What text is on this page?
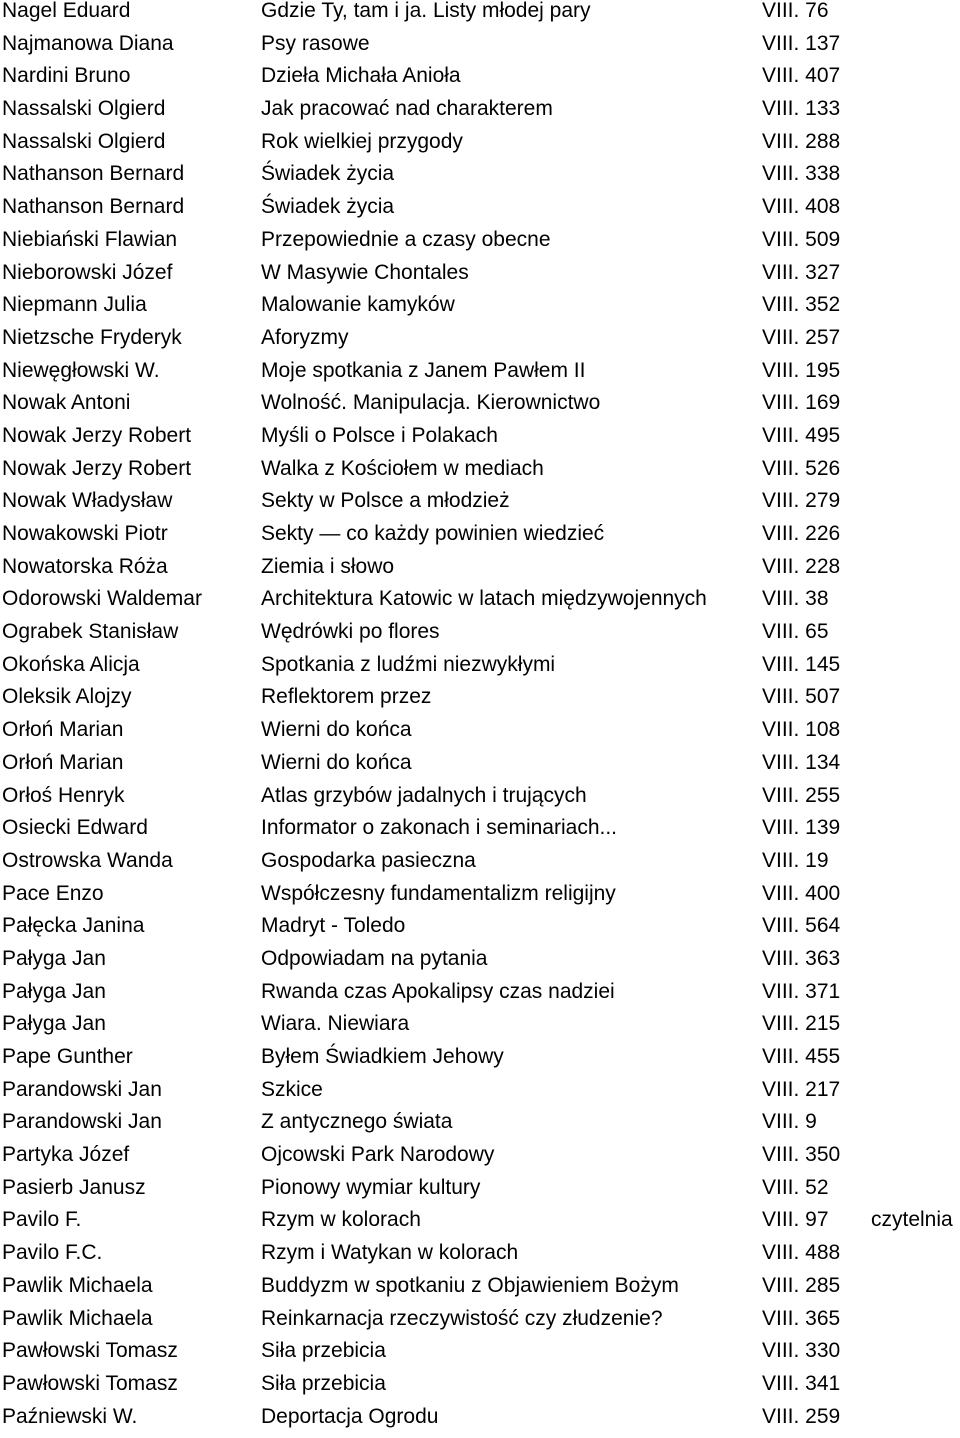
Nagel Eduard	Gdzie Ty, tam i ja. Listy młodej pary	VIII. 76
Najmanowa Diana	Psy rasowe	VIII. 137
Nardini Bruno	Dzieła Michała Anioła	VIII. 407
Nassalski Olgierd	Jak pracować nad charakterem	VIII. 133
Nassalski Olgierd	Rok wielkiej przygody	VIII. 288
Nathanson Bernard	Świadek życia	VIII. 338
Nathanson Bernard	Świadek życia	VIII. 408
Niebiański Flawian	Przepowiednie a czasy obecne	VIII. 509
Nieborowski Józef	W Masywie Chontales	VIII. 327
Niepmann Julia	Malowanie kamyków	VIII. 352
Nietzsche Fryderyk	Aforyzmy	VIII. 257
Niewęgłowski W.	Moje spotkania z Janem Pawłem II	VIII. 195
Nowak Antoni	Wolność. Manipulacja. Kierownictwo	VIII. 169
Nowak Jerzy Robert	Myśli o Polsce i Polakach	VIII. 495
Nowak Jerzy Robert	Walka z Kościołem w mediach	VIII. 526
Nowak Władysław	Sekty w Polsce a młodzież	VIII. 279
Nowakowski Piotr	Sekty — co każdy powinien wiedzieć	VIII. 226
Nowatorska Róża	Ziemia i słowo	VIII. 228
Odorowski Waldemar	Architektura Katowic w latach międzywojennych	VIII. 38
Ograbek Stanisław	Wędrówki po flores	VIII. 65
Okońska Alicja	Spotkania z ludźmi niezwykłymi	VIII. 145
Oleksik Alojzy	Reflektorem przez	VIII. 507
Orłoń Marian	Wierni do końca	VIII. 108
Orłoń Marian	Wierni do końca	VIII. 134
Orłoś Henryk	Atlas grzybów jadalnych i trujących	VIII. 255
Osiecki Edward	Informator o zakonach i seminariach...	VIII. 139
Ostrowska Wanda	Gospodarka pasieczna	VIII. 19
Pace Enzo	Współczesny fundamentalizm religijny	VIII. 400
Pałęcka Janina	Madryt - Toledo	VIII. 564
Pałyga Jan	Odpowiadam na pytania	VIII. 363
Pałyga Jan	Rwanda czas Apokalipsy czas nadziei	VIII. 371
Pałyga Jan	Wiara. Niewiara	VIII. 215
Pape Gunther	Byłem Świadkiem Jehowy	VIII. 455
Parandowski Jan	Szkice	VIII. 217
Parandowski Jan	Z antycznego świata	VIII. 9
Partyka Józef	Ojcowski Park Narodowy	VIII. 350
Pasierb Janusz	Pionowy wymiar kultury	VIII. 52
Pavilo F.	Rzym w kolorach	VIII. 97 czytelnia
Pavilo F.C.	Rzym i Watykan w kolorach	VIII. 488
Pawlik Michaela	Buddyzm w spotkaniu z Objawieniem Bożym	VIII. 285
Pawlik Michaela	Reinkarnacja rzeczywistość czy złudzenie?	VIII. 365
Pawłowski Tomasz	Siła przebicia	VIII. 330
Pawłowski Tomasz	Siła przebicia	VIII. 341
Paźniewski W.	Deportacja Ogrodu	VIII. 259
